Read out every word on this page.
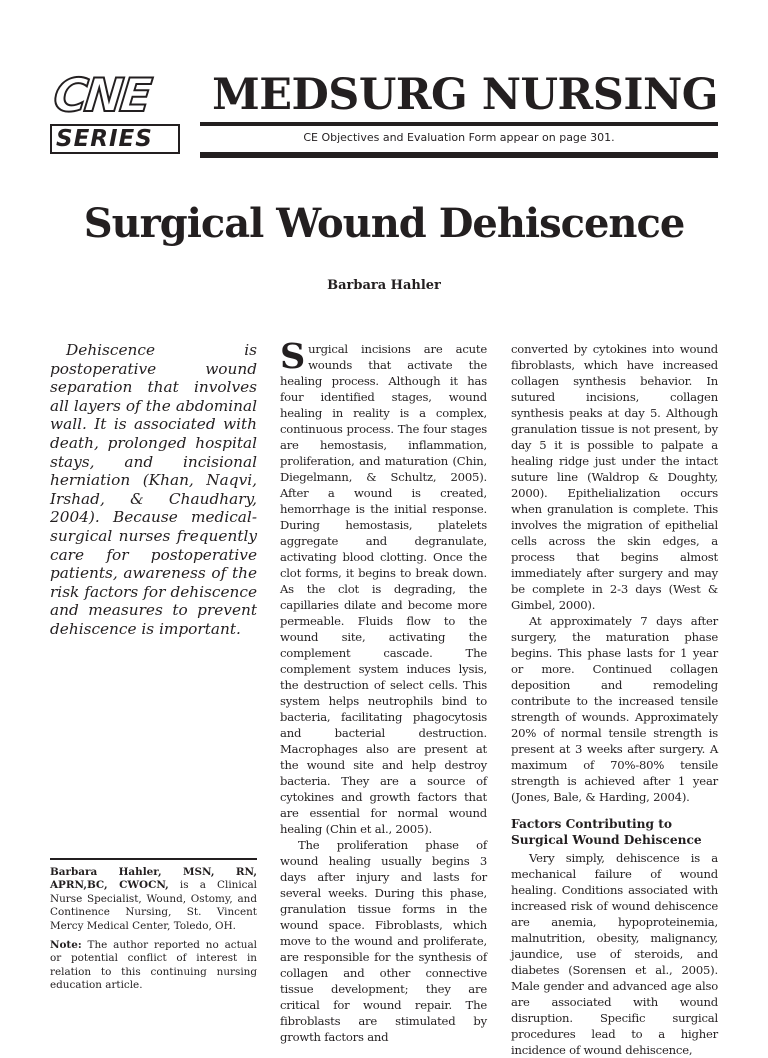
CNE
SERIES
MEDSURG NURSING
CE Objectives and Evaluation Form appear on page 301.
Surgical Wound Dehiscence
Barbara Hahler

Dehiscence is postoperative wound separation that involves all layers of the abdominal wall. It is associated with death, prolonged hospital stays, and incisional herniation (Khan, Naqvi, Irshad, & Chaudhary, 2004). Because medical-surgical nurses frequently care for postoperative patients, awareness of the risk factors for dehiscence and measures to prevent dehiscence is important.

Barbara Hahler, MSN, RN, APRN,BC, CWOCN, is a Clinical Nurse Specialist, Wound, Ostomy, and Continence Nursing, St. Vincent Mercy Medical Center, Toledo, OH.

Note: The author reported no actual or potential conflict of interest in relation to this continuing nursing education article.

Surgical incisions are acute wounds that activate the healing process. Although it has four identified stages, wound healing in reality is a complex, continuous process. The four stages are hemostasis, inflammation, proliferation, and maturation (Chin, Diegelmann, & Schultz, 2005). After a wound is created, hemorrhage is the initial response. During hemostasis, platelets aggregate and degranulate, activating blood clotting. Once the clot forms, it begins to break down. As the clot is degrading, the capillaries dilate and become more permeable. Fluids flow to the wound site, activating the complement cascade. The complement system induces lysis, the destruction of select cells. This system helps neutrophils bind to bacteria, facilitating phagocytosis and bacterial destruction. Macrophages also are present at the wound site and help destroy bacteria. They are a source of cytokines and growth factors that are essential for normal wound healing (Chin et al., 2005).

The proliferation phase of wound healing usually begins 3 days after injury and lasts for several weeks. During this phase, granulation tissue forms in the wound space. Fibroblasts, which move to the wound and proliferate, are responsible for the synthesis of collagen and other connective tissue development; they are critical for wound repair. The fibroblasts are stimulated by growth factors and

converted by cytokines into wound fibroblasts, which have increased collagen synthesis behavior. In sutured incisions, collagen synthesis peaks at day 5. Although granulation tissue is not present, by day 5 it is possible to palpate a healing ridge just under the intact suture line (Waldrop & Doughty, 2000). Epithelialization occurs when granulation is complete. This involves the migration of epithelial cells across the skin edges, a process that begins almost immediately after surgery and may be complete in 2-3 days (West & Gimbel, 2000).

At approximately 7 days after surgery, the maturation phase begins. This phase lasts for 1 year or more. Continued collagen deposition and remodeling contribute to the increased tensile strength of wounds. Approximately 20% of normal tensile strength is present at 3 weeks after surgery. A maximum of 70%-80% tensile strength is achieved after 1 year (Jones, Bale, & Harding, 2004).

Factors Contributing to
Surgical Wound Dehiscence

Very simply, dehiscence is a mechanical failure of wound healing. Conditions associated with increased risk of wound dehiscence are anemia, hypoproteinemia, malnutrition, obesity, malignancy, jaundice, use of steroids, and diabetes (Sorensen et al., 2005). Male gender and advanced age also are associated with wound disruption. Specific surgical procedures lead to a higher incidence of wound dehiscence,
